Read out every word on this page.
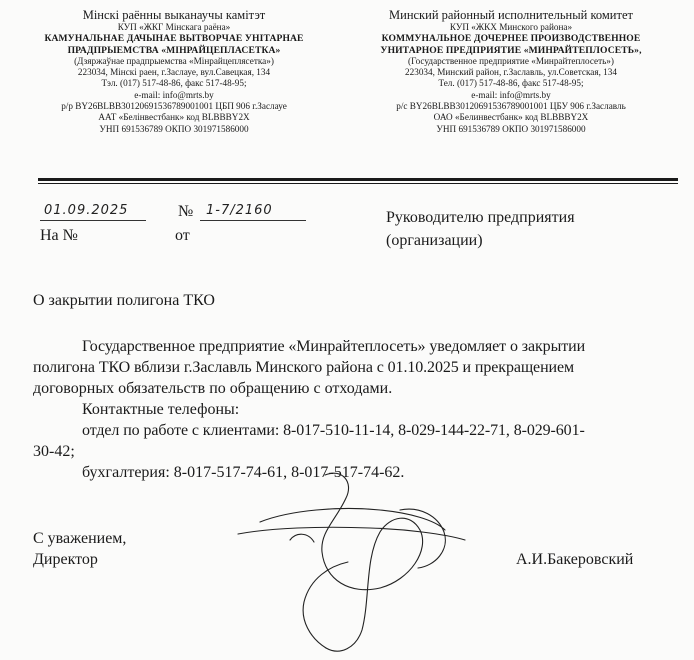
Мінскі раённы выканаучы камітэт
КУП «ЖКГ Мінскага раёна»
КАМУНАЛЬНАЕ ДАЧЫНАЕ ВЫТВОРЧАЕ УНІТАРНАЕ
ПРАДПРЫЕМСТВА «МІНРАЙЦЕПЛАСЕТКА»
(Дзяржаўнае прадпрыемства «Мінрайцеплясетка»)
223034, Мінскі раен, г.Заслауе, вул.Савецкая, 134
Тэл. (017) 517-48-86, факс 517-48-95;
e-mail: info@mrts.by
р/р BY26BLBB30120691536789001001 ЦБП 906 г.Заслауе
ААТ «Белінвестбанк» код BLBBBY2X
УНП 691536789 ОКПО 301971586000
Минский районный исполнительный комитет
КУП «ЖКХ Минского района»
КОММУНАЛЬНОЕ ДОЧЕРНЕЕ ПРОИЗВОДСТВЕННОЕ
УНИТАРНОЕ ПРЕДПРИЯТИЕ «МИНРАЙТЕПЛОСЕТЬ»,
(Государственное предприятие «Минрайтеплосеть»)
223034, Минский район, г.Заславль, ул.Советская, 134
Тел. (017) 517-48-86, факс 517-48-95;
e-mail: info@mrts.by
р/с BY26BLBB30120691536789001001 ЦБУ 906 г.Заславль
ОАО «Белинвестбанк» код BLBBBY2X
УНП 691536789 ОКПО 301971586000
01.09.2025	№ 1-7/2160
На №	от
Руководителю предприятия
(организации)
О закрытии полигона ТКО
Государственное предприятие «Минрайтеплосеть» уведомляет о закрытии
полигона ТКО вблизи г.Заславль Минского района с 01.10.2025 и прекращением
договорных обязательств по обращению с отходами.
Контактные телефоны:
отдел по работе с клиентами: 8-017-510-11-14, 8-029-144-22-71, 8-029-601-
30-42;
бухгалтерия: 8-017-517-74-61, 8-017-517-74-62.
С уважением,
Директор	А.И.Бакеровский
